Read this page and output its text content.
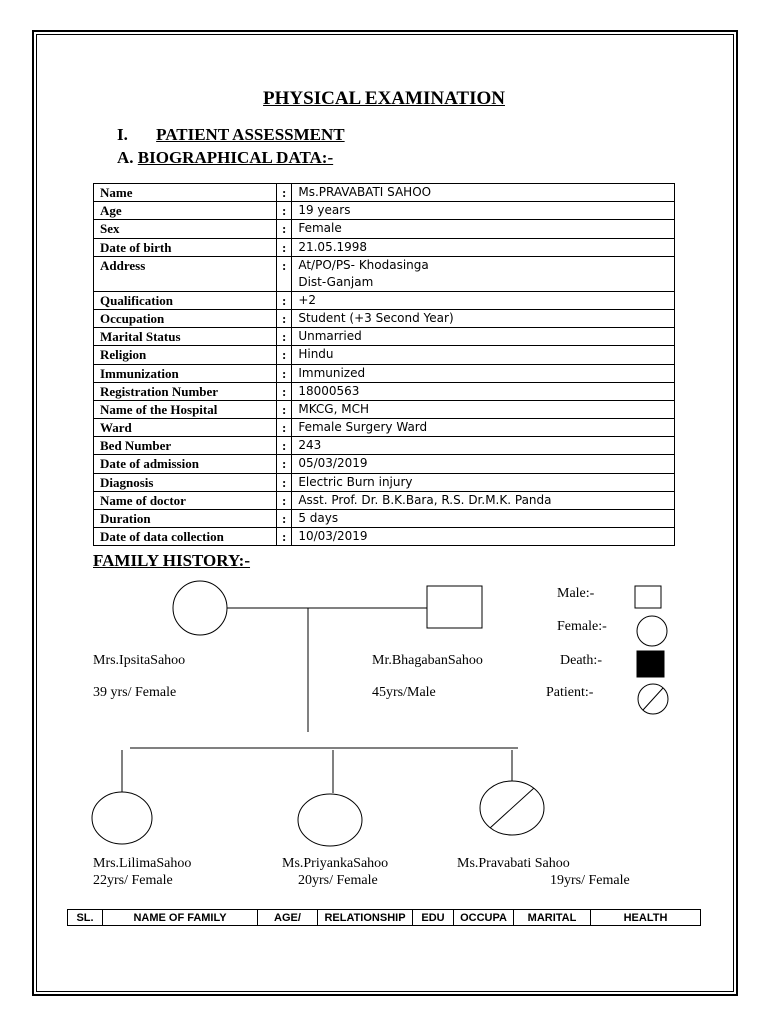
PHYSICAL EXAMINATION
I. PATIENT ASSESSMENT
A. BIOGRAPHICAL DATA:-
Name	:	Ms.PRAVABATI SAHOO
Age	:	19 years
Sex	:	Female
Date of birth	:	21.05.1998
Address	:	At/PO/PS- Khodasinga
Dist-Ganjam

Qualification	:	+2
Occupation	:	Student (+3 Second Year)
Marital Status	:	Unmarried
Religion	:	Hindu
Immunization	:	Immunized
Registration Number	:	18000563
Name of the Hospital	:	MKCG, MCH
Ward	:	Female Surgery Ward
Bed Number	:	243
Date of admission	:	05/03/2019
Diagnosis	:	Electric Burn injury
Name of doctor	:	Asst. Prof. Dr. B.K.Bara, R.S. Dr.M.K. Panda
Duration	:	5 days
Date of data collection	:	10/03/2019
FAMILY HISTORY:-
Mrs.IpsitaSahoo
39 yrs/ Female
Mr.BhagabanSahoo
45yrs/Male
Male:-
Female:-
Death:-
Patient:-
Mrs.LilimaSahoo
22yrs/ Female
Ms.PriyankaSahoo
20yrs/ Female
Ms.Pravabati Sahoo
19yrs/ Female
SL.	NAME OF FAMILY	AGE/	RELATIONSHIP	EDU	OCCUPA	MARITAL	HEALTH
